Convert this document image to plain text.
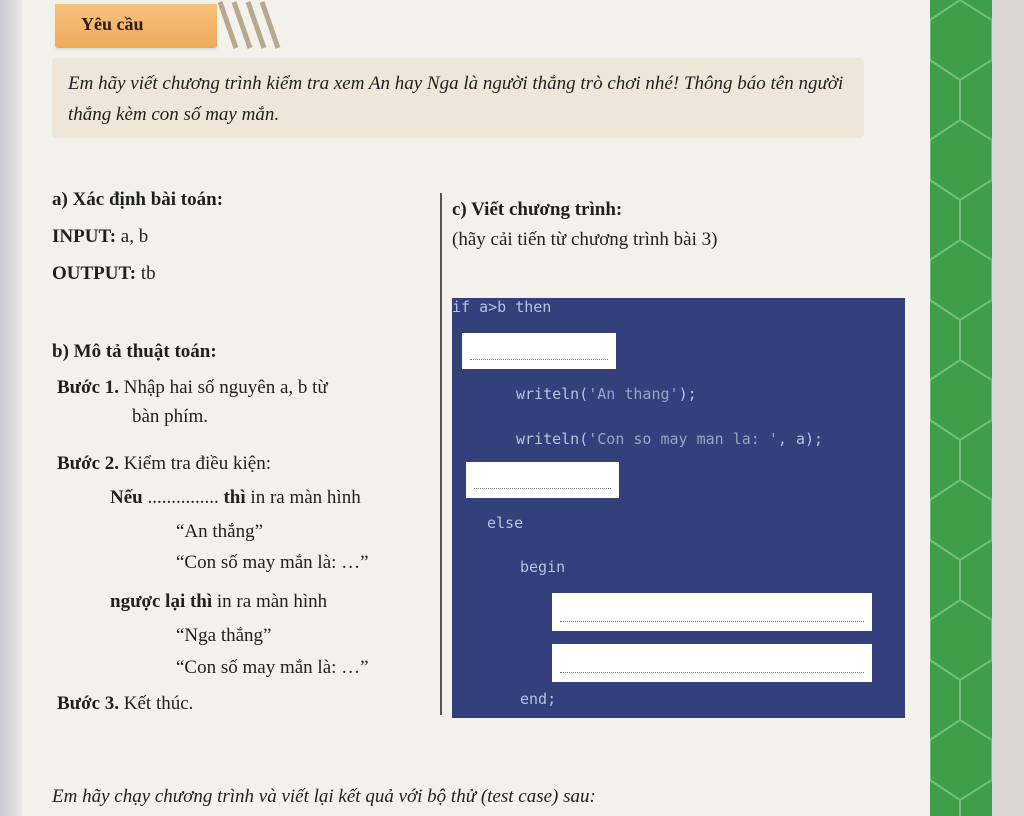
Yêu cầu
Em hãy viết chương trình kiểm tra xem An hay Nga là người thắng trò chơi nhé! Thông báo tên người thắng kèm con số may mắn.
a) Xác định bài toán:
INPUT: a, b
OUTPUT: tb
b) Mô tả thuật toán:
Bước 1. Nhập hai số nguyên a, b từ
bàn phím.
Bước 2. Kiểm tra điều kiện:
Nếu ............... thì in ra màn hình
“An thắng”
“Con số may mắn là: …”
ngược lại thì in ra màn hình
“Nga thắng”
“Con số may mắn là: …”
Bước 3. Kết thúc.
c) Viết chương trình:
(hãy cải tiến từ chương trình bài 3)
if a>b then
writeln('An thang');
writeln('Con so may man la: ', a);
else
begin
end;
Em hãy chạy chương trình và viết lại kết quả với bộ thử (test case) sau:
